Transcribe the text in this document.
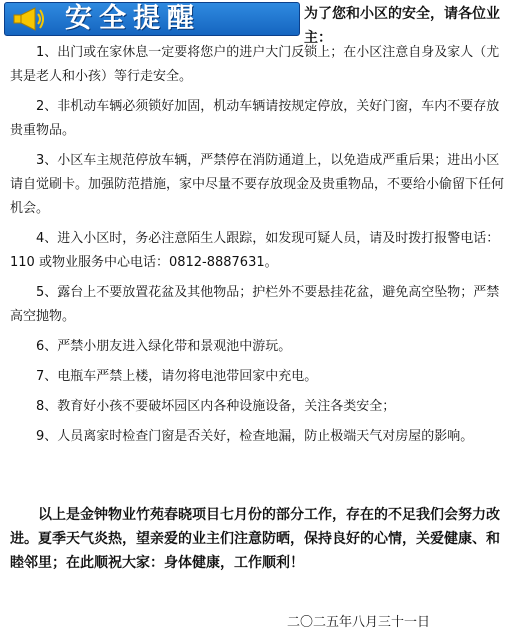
安全提醒	为了您和小区的安全，请各位业主：

1、出门或在家休息一定要将您户的进户大门反锁上；在小区注意自身及家人（尤其是老人和小孩）等行走安全。

2、非机动车辆必须锁好加固，机动车辆请按规定停放，关好门窗，车内不要存放贵重物品。

3、小区车主规范停放车辆，严禁停在消防通道上，以免造成严重后果；进出小区请自觉刷卡。加强防范措施，家中尽量不要存放现金及贵重物品，不要给小偷留下任何机会。

4、进入小区时，务必注意陌生人跟踪，如发现可疑人员，请及时拨打报警电话：110 或物业服务中心电话：0812-8887631。

5、露台上不要放置花盆及其他物品；护栏外不要悬挂花盆，避免高空坠物；严禁高空抛物。

6、严禁小朋友进入绿化带和景观池中游玩。

7、电瓶车严禁上楼，请勿将电池带回家中充电。

8、教育好小孩不要破坏园区内各种设施设备，关注各类安全；

9、人员离家时检查门窗是否关好，检查地漏，防止极端天气对房屋的影响。

以上是金钟物业竹苑春晓项目七月份的部分工作，存在的不足我们会努力改进。夏季天气炎热，望亲爱的业主们注意防晒，保持良好的心情，关爱健康、和睦邻里；在此顺祝大家：身体健康，工作顺利！

二〇二五年八月三十一日
